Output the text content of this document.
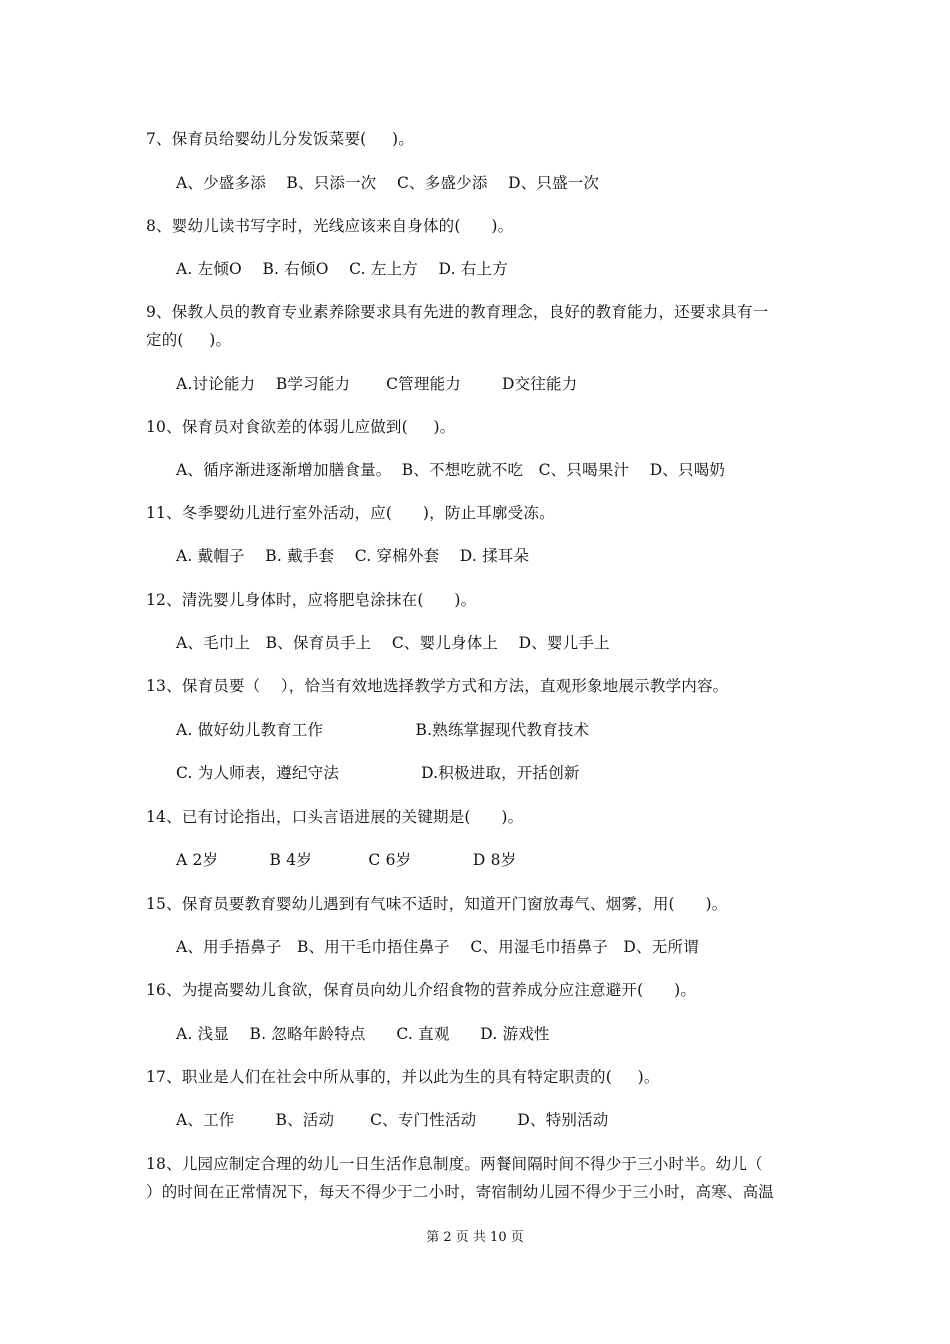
7、保育员给婴幼儿分发饭菜要(     )。
A、少盛多添    B、只添一次    C、多盛少添    D、只盛一次
8、婴幼儿读书写字时，光线应该来自身体的(      )。
A. 左倾O    B. 右倾O    C. 左上方    D. 右上方
9、保教人员的教育专业素养除要求具有先进的教育理念，良好的教育能力，还要求具有一
定的(     )。
A.讨论能力    B学习能力       C管理能力        D交往能力
10、保育员对食欲差的体弱儿应做到(     )。
A、循序渐进逐渐增加膳食量。  B、不想吃就不吃   C、只喝果汁    D、只喝奶
11、冬季婴幼儿进行室外活动，应(      )，防止耳廓受冻。
A. 戴帽子    B. 戴手套    C. 穿棉外套    D. 揉耳朵
12、清洗婴儿身体时，应将肥皂涂抹在(      )。
A、毛巾上   B、保育员手上    C、婴儿身体上    D、婴儿手上
13、保育员要（    ），恰当有效地选择教学方式和方法，直观形象地展示教学内容。
A. 做好幼儿教育工作                  B.熟练掌握现代教育技术
C. 为人师表，遵纪守法                D.积极进取，开括创新
14、已有讨论指出，口头言语进展的关键期是(      )。
A 2岁          B 4岁           C 6岁            D 8岁
15、保育员要教育婴幼儿遇到有气味不适时，知道开门窗放毒气、烟雾，用(      )。
A、用手捂鼻子   B、用干毛巾捂住鼻子    C、用湿毛巾捂鼻子   D、无所谓
16、为提高婴幼儿食欲，保育员向幼儿介绍食物的营养成分应注意避开(      )。
A. 浅显    B. 忽略年龄特点      C. 直观      D. 游戏性
17、职业是人们在社会中所从事的，并以此为生的具有特定职责的(     )。
A、工作        B、活动       C、专门性活动        D、特别活动
18、儿园应制定合理的幼儿一日生活作息制度。两餐间隔时间不得少于三小时半。幼儿（
）的时间在正常情况下，每天不得少于二小时，寄宿制幼儿园不得少于三小时，高寒、高温
第 2 页 共 10 页
